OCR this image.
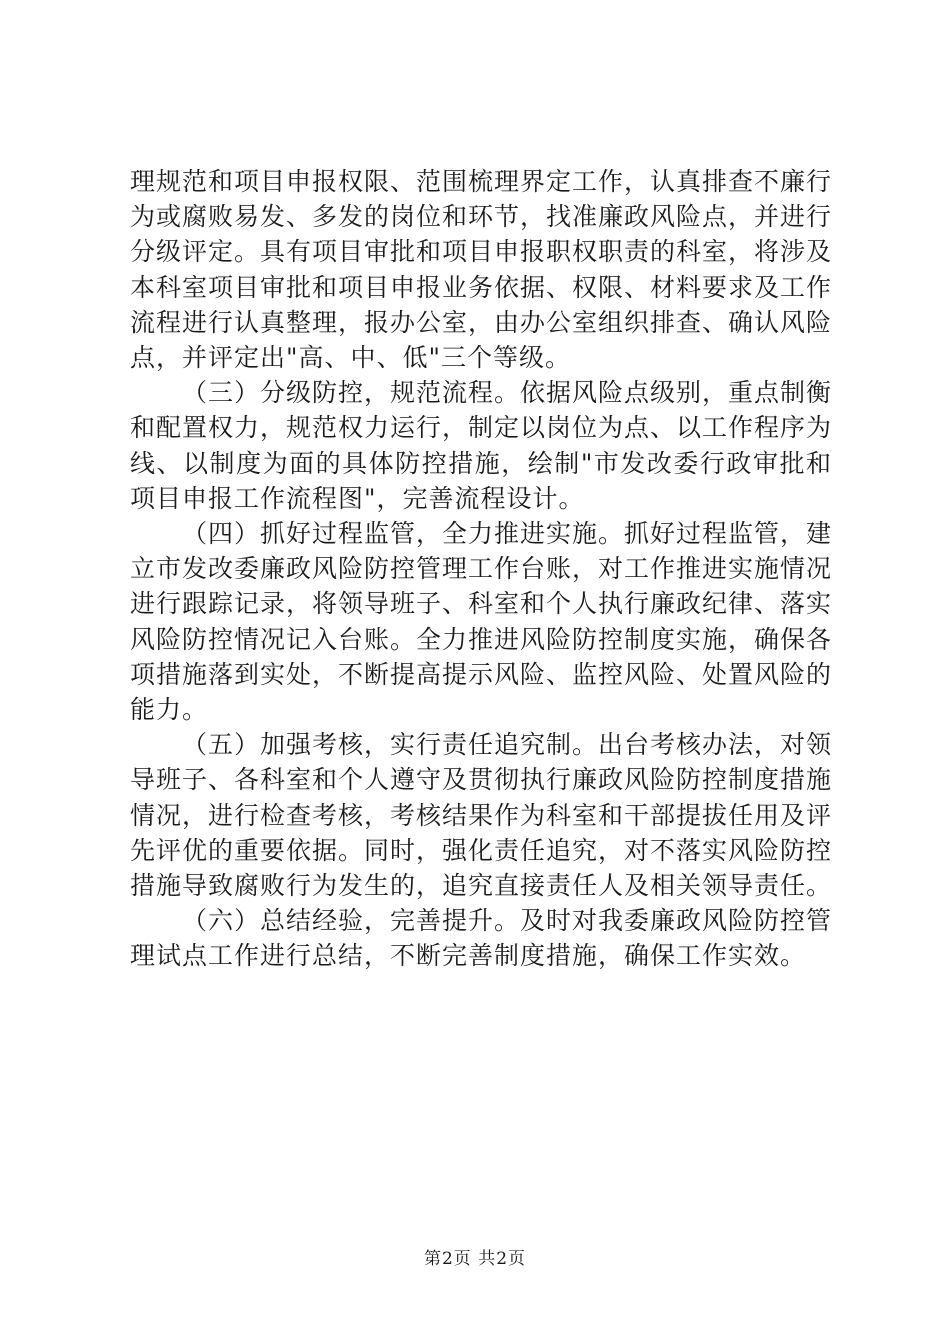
理规范和项目申报权限、范围梳理界定工作，认真排查不廉行为或腐败易发、多发的岗位和环节，找准廉政风险点，并进行分级评定。具有项目审批和项目申报职权职责的科室，将涉及本科室项目审批和项目申报业务依据、权限、材料要求及工作流程进行认真整理，报办公室，由办公室组织排查、确认风险点，并评定出"高、中、低"三个等级。

（三）分级防控，规范流程。依据风险点级别，重点制衡和配置权力，规范权力运行，制定以岗位为点、以工作程序为线、以制度为面的具体防控措施，绘制"市发改委行政审批和项目申报工作流程图"，完善流程设计。

（四）抓好过程监管，全力推进实施。抓好过程监管，建立市发改委廉政风险防控管理工作台账，对工作推进实施情况进行跟踪记录，将领导班子、科室和个人执行廉政纪律、落实风险防控情况记入台账。全力推进风险防控制度实施，确保各项措施落到实处，不断提高提示风险、监控风险、处置风险的能力。

（五）加强考核，实行责任追究制。出台考核办法，对领导班子、各科室和个人遵守及贯彻执行廉政风险防控制度措施情况，进行检查考核，考核结果作为科室和干部提拔任用及评先评优的重要依据。同时，强化责任追究，对不落实风险防控措施导致腐败行为发生的，追究直接责任人及相关领导责任。

（六）总结经验，完善提升。及时对我委廉政风险防控管理试点工作进行总结，不断完善制度措施，确保工作实效。

第2页 共2页
